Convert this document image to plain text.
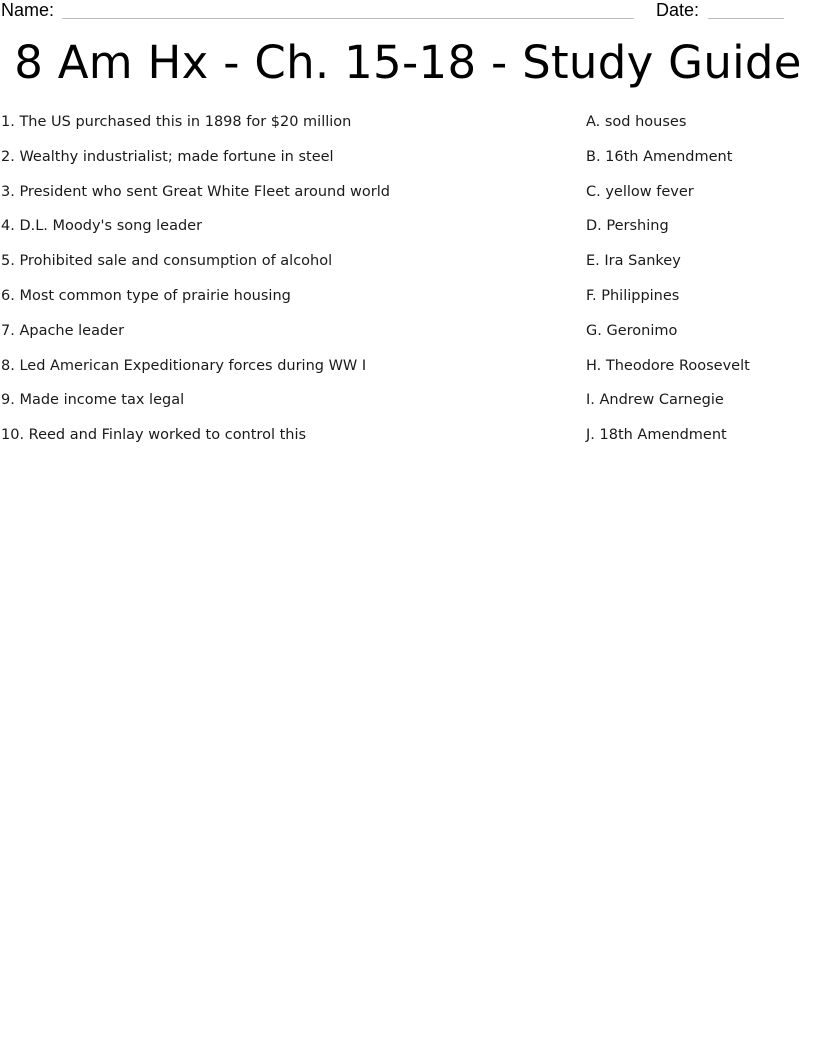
Name:	Date:
8 Am Hx - Ch. 15-18 - Study Guide
1. The US purchased this in 1898 for $20 million	A. sod houses
2. Wealthy industrialist; made fortune in steel	B. 16th Amendment
3. President who sent Great White Fleet around world	C. yellow fever
4. D.L. Moody's song leader	D. Pershing
5. Prohibited sale and consumption of alcohol	E. Ira Sankey
6. Most common type of prairie housing	F. Philippines
7. Apache leader	G. Geronimo
8. Led American Expeditionary forces during WW I	H. Theodore Roosevelt
9. Made income tax legal	I. Andrew Carnegie
10. Reed and Finlay worked to control this	J. 18th Amendment
